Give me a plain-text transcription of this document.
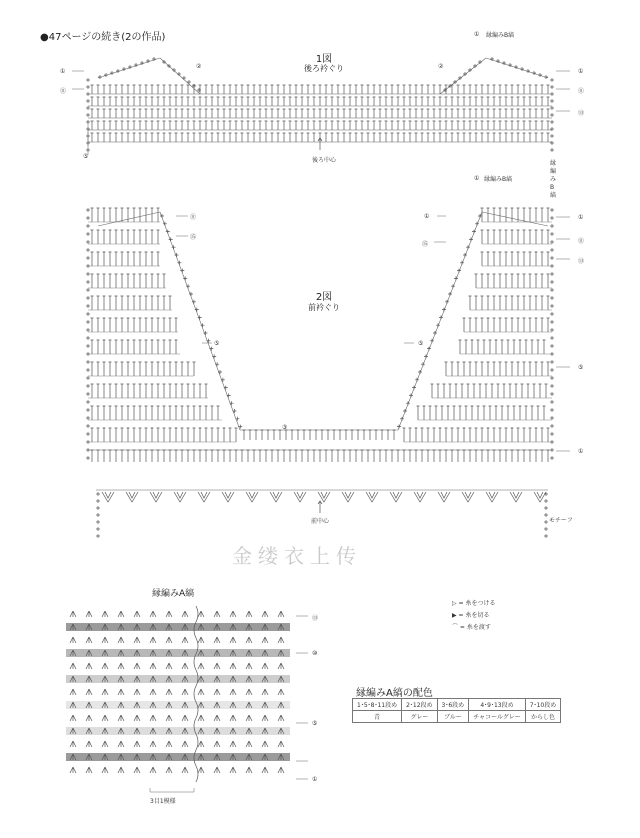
●47ページの続き(2の作品)
1図
後ろ衿ぐり
後ろ中心
縁編みB縞
①
⑪
⑤
②	②
①
①
⑪
⑬
2図
前衿ぐり
前中心
縁編みB縞
モチーフ
⑪
⑮
⑤
③
⑤
①
①
⑮
①
⑪
⑬
⑤
①
縁編みB縞
金缕衣上传
縁編みA縞
3目1模様
⑬
⑩
⑤
①
▷ = 糸をつける
▶ = 糸を切る
⌒ = 糸を渡す
縁編みA縞の配色
1･5･8･11段め	2･12段め	3･6段め	4･9･13段め	7･10段め
青	グレー	ブルー	チャコールグレー	からし色
